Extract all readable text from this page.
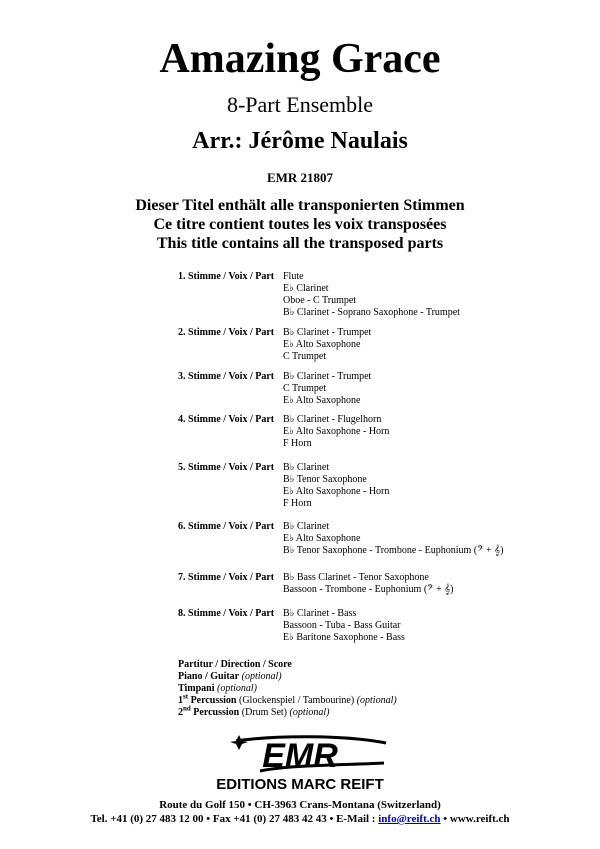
Amazing Grace
8-Part Ensemble
Arr.: Jérôme Naulais
EMR 21807
Dieser Titel enthält alle transponierten Stimmen
Ce titre contient toutes les voix transposées
This title contains all the transposed parts
1. Stimme / Voix / Part Flute
E♭ Clarinet
Oboe - C Trumpet
B♭ Clarinet - Soprano Saxophone - Trumpet
2. Stimme / Voix / Part B♭ Clarinet - Trumpet
E♭ Alto Saxophone
C Trumpet
3. Stimme / Voix / Part B♭ Clarinet - Trumpet
C Trumpet
E♭ Alto Saxophone
4. Stimme / Voix / Part B♭ Clarinet - Flugelhorn
E♭ Alto Saxophone - Horn
F Horn
5. Stimme / Voix / Part B♭ Clarinet
B♭ Tenor Saxophone
E♭ Alto Saxophone - Horn
F Horn
6. Stimme / Voix / Part B♭ Clarinet
E♭ Alto Saxophone
B♭ Tenor Saxophone - Trombone - Euphonium (𝄢 + 𝄞)
7. Stimme / Voix / Part B♭ Bass Clarinet - Tenor Saxophone
Bassoon - Trombone - Euphonium (𝄢 + 𝄞)
8. Stimme / Voix / Part B♭ Clarinet - Bass
Bassoon - Tuba - Bass Guitar
E♭ Baritone Saxophone - Bass
Partitur / Direction / Score
Piano / Guitar (optional)
Timpani (optional)
1st Percussion (Glockenspiel / Tambourine) (optional)
2nd Percussion (Drum Set) (optional)
EMR
EDITIONS MARC REIFT
Route du Golf 150 • CH-3963 Crans-Montana (Switzerland)
Tel. +41 (0) 27 483 12 00 • Fax +41 (0) 27 483 42 43 • E-Mail : info@reift.ch • www.reift.ch
